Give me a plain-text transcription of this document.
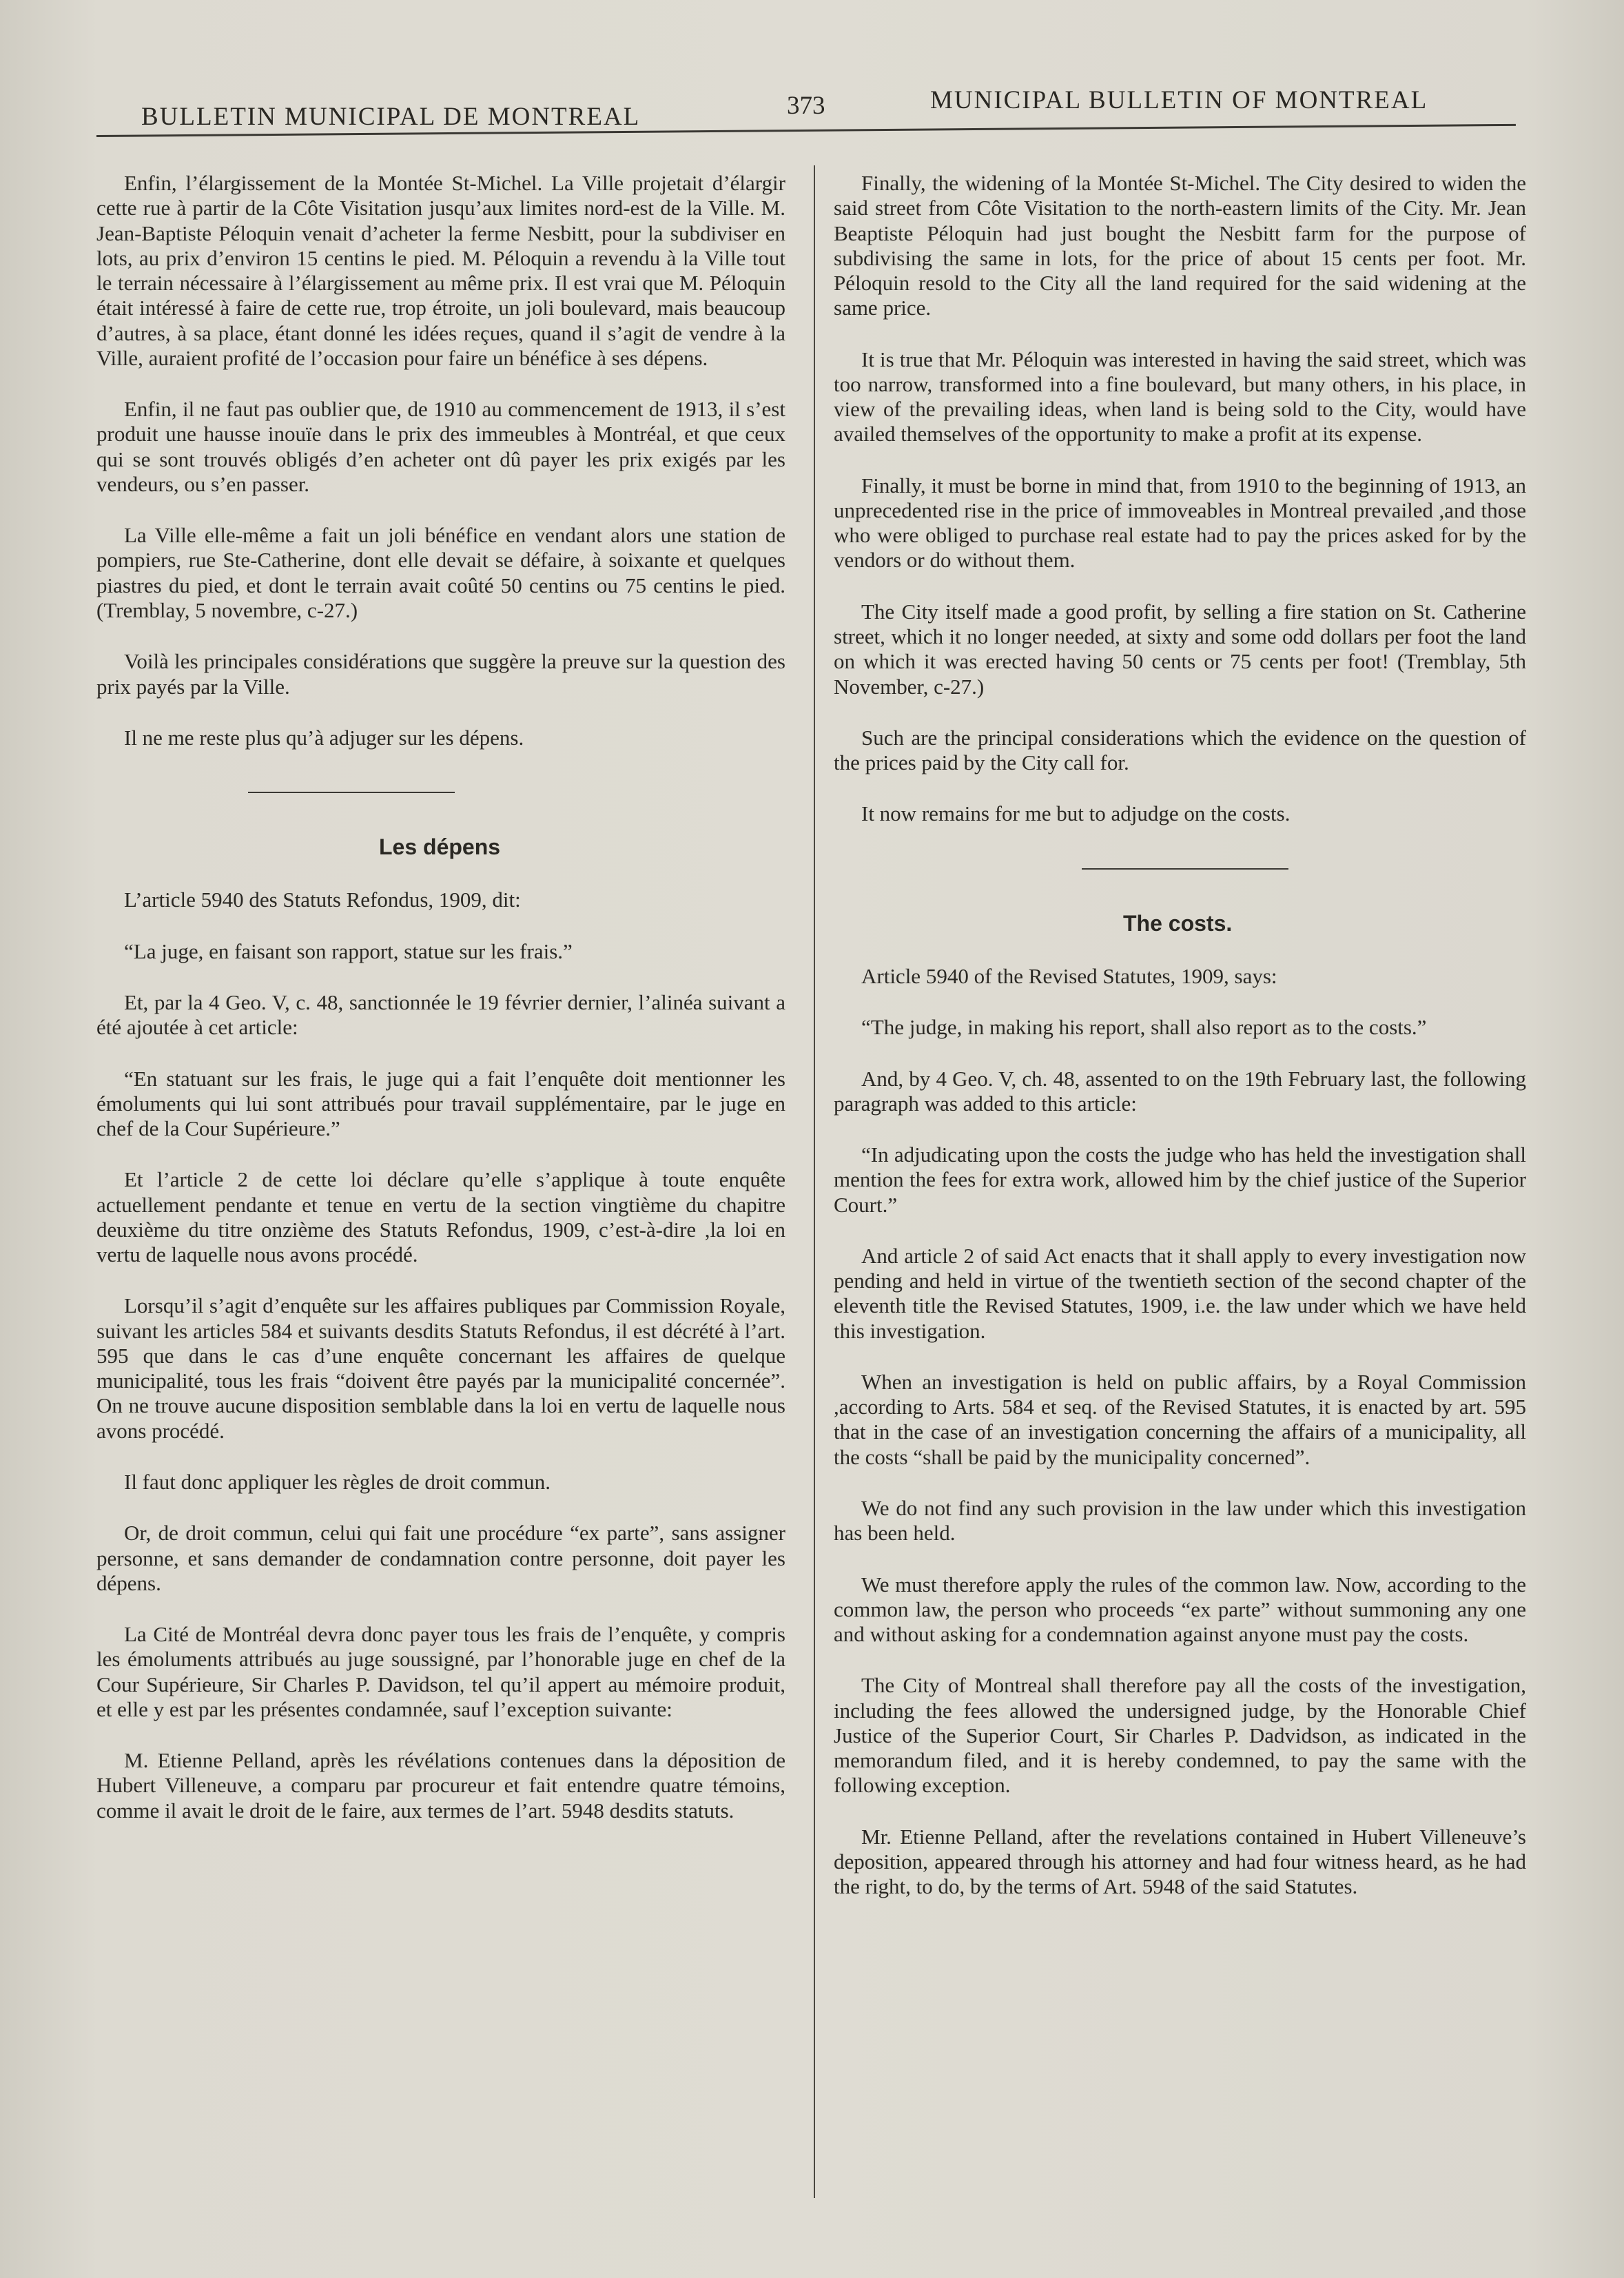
BULLETIN MUNICIPAL DE MONTREAL	373	MUNICIPAL BULLETIN OF MONTREAL

Enfin, l’élargissement de la Montée St-Michel. La Ville projetait d’élargir cette rue à partir de la Côte Visitation jusqu’aux limites nord-est de la Ville. M. Jean-Baptiste Péloquin venait d’acheter la ferme Nesbitt, pour la subdiviser en lots, au prix d’environ 15 centins le pied. M. Péloquin a revendu à la Ville tout le terrain nécessaire à l’élargissement au même prix. Il est vrai que M. Péloquin était intéressé à faire de cette rue, trop étroite, un joli boulevard, mais beaucoup d’autres, à sa place, étant donné les idées reçues, quand il s’agit de vendre à la Ville, auraient profité de l’occasion pour faire un bénéfice à ses dépens.

Enfin, il ne faut pas oublier que, de 1910 au commencement de 1913, il s’est produit une hausse inouïe dans le prix des immeubles à Montréal, et que ceux qui se sont trouvés obligés d’en acheter ont dû payer les prix exigés par les vendeurs, ou s’en passer.

La Ville elle-même a fait un joli bénéfice en vendant alors une station de pompiers, rue Ste-Catherine, dont elle devait se défaire, à soixante et quelques piastres du pied, et dont le terrain avait coûté 50 centins ou 75 centins le pied. (Tremblay, 5 novembre, c-27.)

Voilà les principales considérations que suggère la preuve sur la question des prix payés par la Ville.

Il ne me reste plus qu’à adjuger sur les dépens.

Les dépens

L’article 5940 des Statuts Refondus, 1909, dit:

“La juge, en faisant son rapport, statue sur les frais.”

Et, par la 4 Geo. V, c. 48, sanctionnée le 19 février dernier, l’alinéa suivant a été ajoutée à cet article:

“En statuant sur les frais, le juge qui a fait l’enquête doit mentionner les émoluments qui lui sont attribués pour travail supplémentaire, par le juge en chef de la Cour Supérieure.”

Et l’article 2 de cette loi déclare qu’elle s’applique à toute enquête actuellement pendante et tenue en vertu de la section vingtième du chapitre deuxième du titre onzième des Statuts Refondus, 1909, c’est-à-dire ,la loi en vertu de laquelle nous avons procédé.

Lorsqu’il s’agit d’enquête sur les affaires publiques par Commission Royale, suivant les articles 584 et suivants desdits Statuts Refondus, il est décrété à l’art. 595 que dans le cas d’une enquête concernant les affaires de quelque municipalité, tous les frais “doivent être payés par la municipalité concernée”. On ne trouve aucune disposition semblable dans la loi en vertu de laquelle nous avons procédé.

Il faut donc appliquer les règles de droit commun.

Or, de droit commun, celui qui fait une procédure “ex parte”, sans assigner personne, et sans demander de condamnation contre personne, doit payer les dépens.

La Cité de Montréal devra donc payer tous les frais de l’enquête, y compris les émoluments attribués au juge soussigné, par l’honorable juge en chef de la Cour Supérieure, Sir Charles P. Davidson, tel qu’il appert au mémoire produit, et elle y est par les présentes condamnée, sauf l’exception suivante:

M. Etienne Pelland, après les révélations contenues dans la déposition de Hubert Villeneuve, a comparu par procureur et fait entendre quatre témoins, comme il avait le droit de le faire, aux termes de l’art. 5948 desdits statuts.

Finally, the widening of la Montée St-Michel. The City desired to widen the said street from Côte Visitation to the north-eastern limits of the City. Mr. Jean Beaptiste Péloquin had just bought the Nesbitt farm for the purpose of subdivising the same in lots, for the price of about 15 cents per foot. Mr. Péloquin resold to the City all the land required for the said widening at the same price.

It is true that Mr. Péloquin was interested in having the said street, which was too narrow, transformed into a fine boulevard, but many others, in his place, in view of the prevailing ideas, when land is being sold to the City, would have availed themselves of the opportunity to make a profit at its expense.

Finally, it must be borne in mind that, from 1910 to the beginning of 1913, an unprecedented rise in the price of immoveables in Montreal prevailed ,and those who were obliged to purchase real estate had to pay the prices asked for by the vendors or do without them.

The City itself made a good profit, by selling a fire station on St. Catherine street, which it no longer needed, at sixty and some odd dollars per foot the land on which it was erected having 50 cents or 75 cents per foot! (Tremblay, 5th November, c-27.)

Such are the principal considerations which the evidence on the question of the prices paid by the City call for.

It now remains for me but to adjudge on the costs.

The costs.

Article 5940 of the Revised Statutes, 1909, says:

“The judge, in making his report, shall also report as to the costs.”

And, by 4 Geo. V, ch. 48, assented to on the 19th February last, the following paragraph was added to this article:

“In adjudicating upon the costs the judge who has held the investigation shall mention the fees for extra work, allowed him by the chief justice of the Superior Court.”

And article 2 of said Act enacts that it shall apply to every investigation now pending and held in virtue of the twentieth section of the second chapter of the eleventh title the Revised Statutes, 1909, i.e. the law under which we have held this investigation.

When an investigation is held on public affairs, by a Royal Commission ,according to Arts. 584 et seq. of the Revised Statutes, it is enacted by art. 595 that in the case of an investigation concerning the affairs of a municipality, all the costs “shall be paid by the municipality concerned”.

We do not find any such provision in the law under which this investigation has been held.

We must therefore apply the rules of the common law. Now, according to the common law, the person who proceeds “ex parte” without summoning any one and without asking for a condemnation against anyone must pay the costs.

The City of Montreal shall therefore pay all the costs of the investigation, including the fees allowed the undersigned judge, by the Honorable Chief Justice of the Superior Court, Sir Charles P. Dadvidson, as indicated in the memorandum filed, and it is hereby condemned, to pay the same with the following exception.

Mr. Etienne Pelland, after the revelations contained in Hubert Villeneuve’s deposition, appeared through his attorney and had four witness heard, as he had the right, to do, by the terms of Art. 5948 of the said Statutes.
